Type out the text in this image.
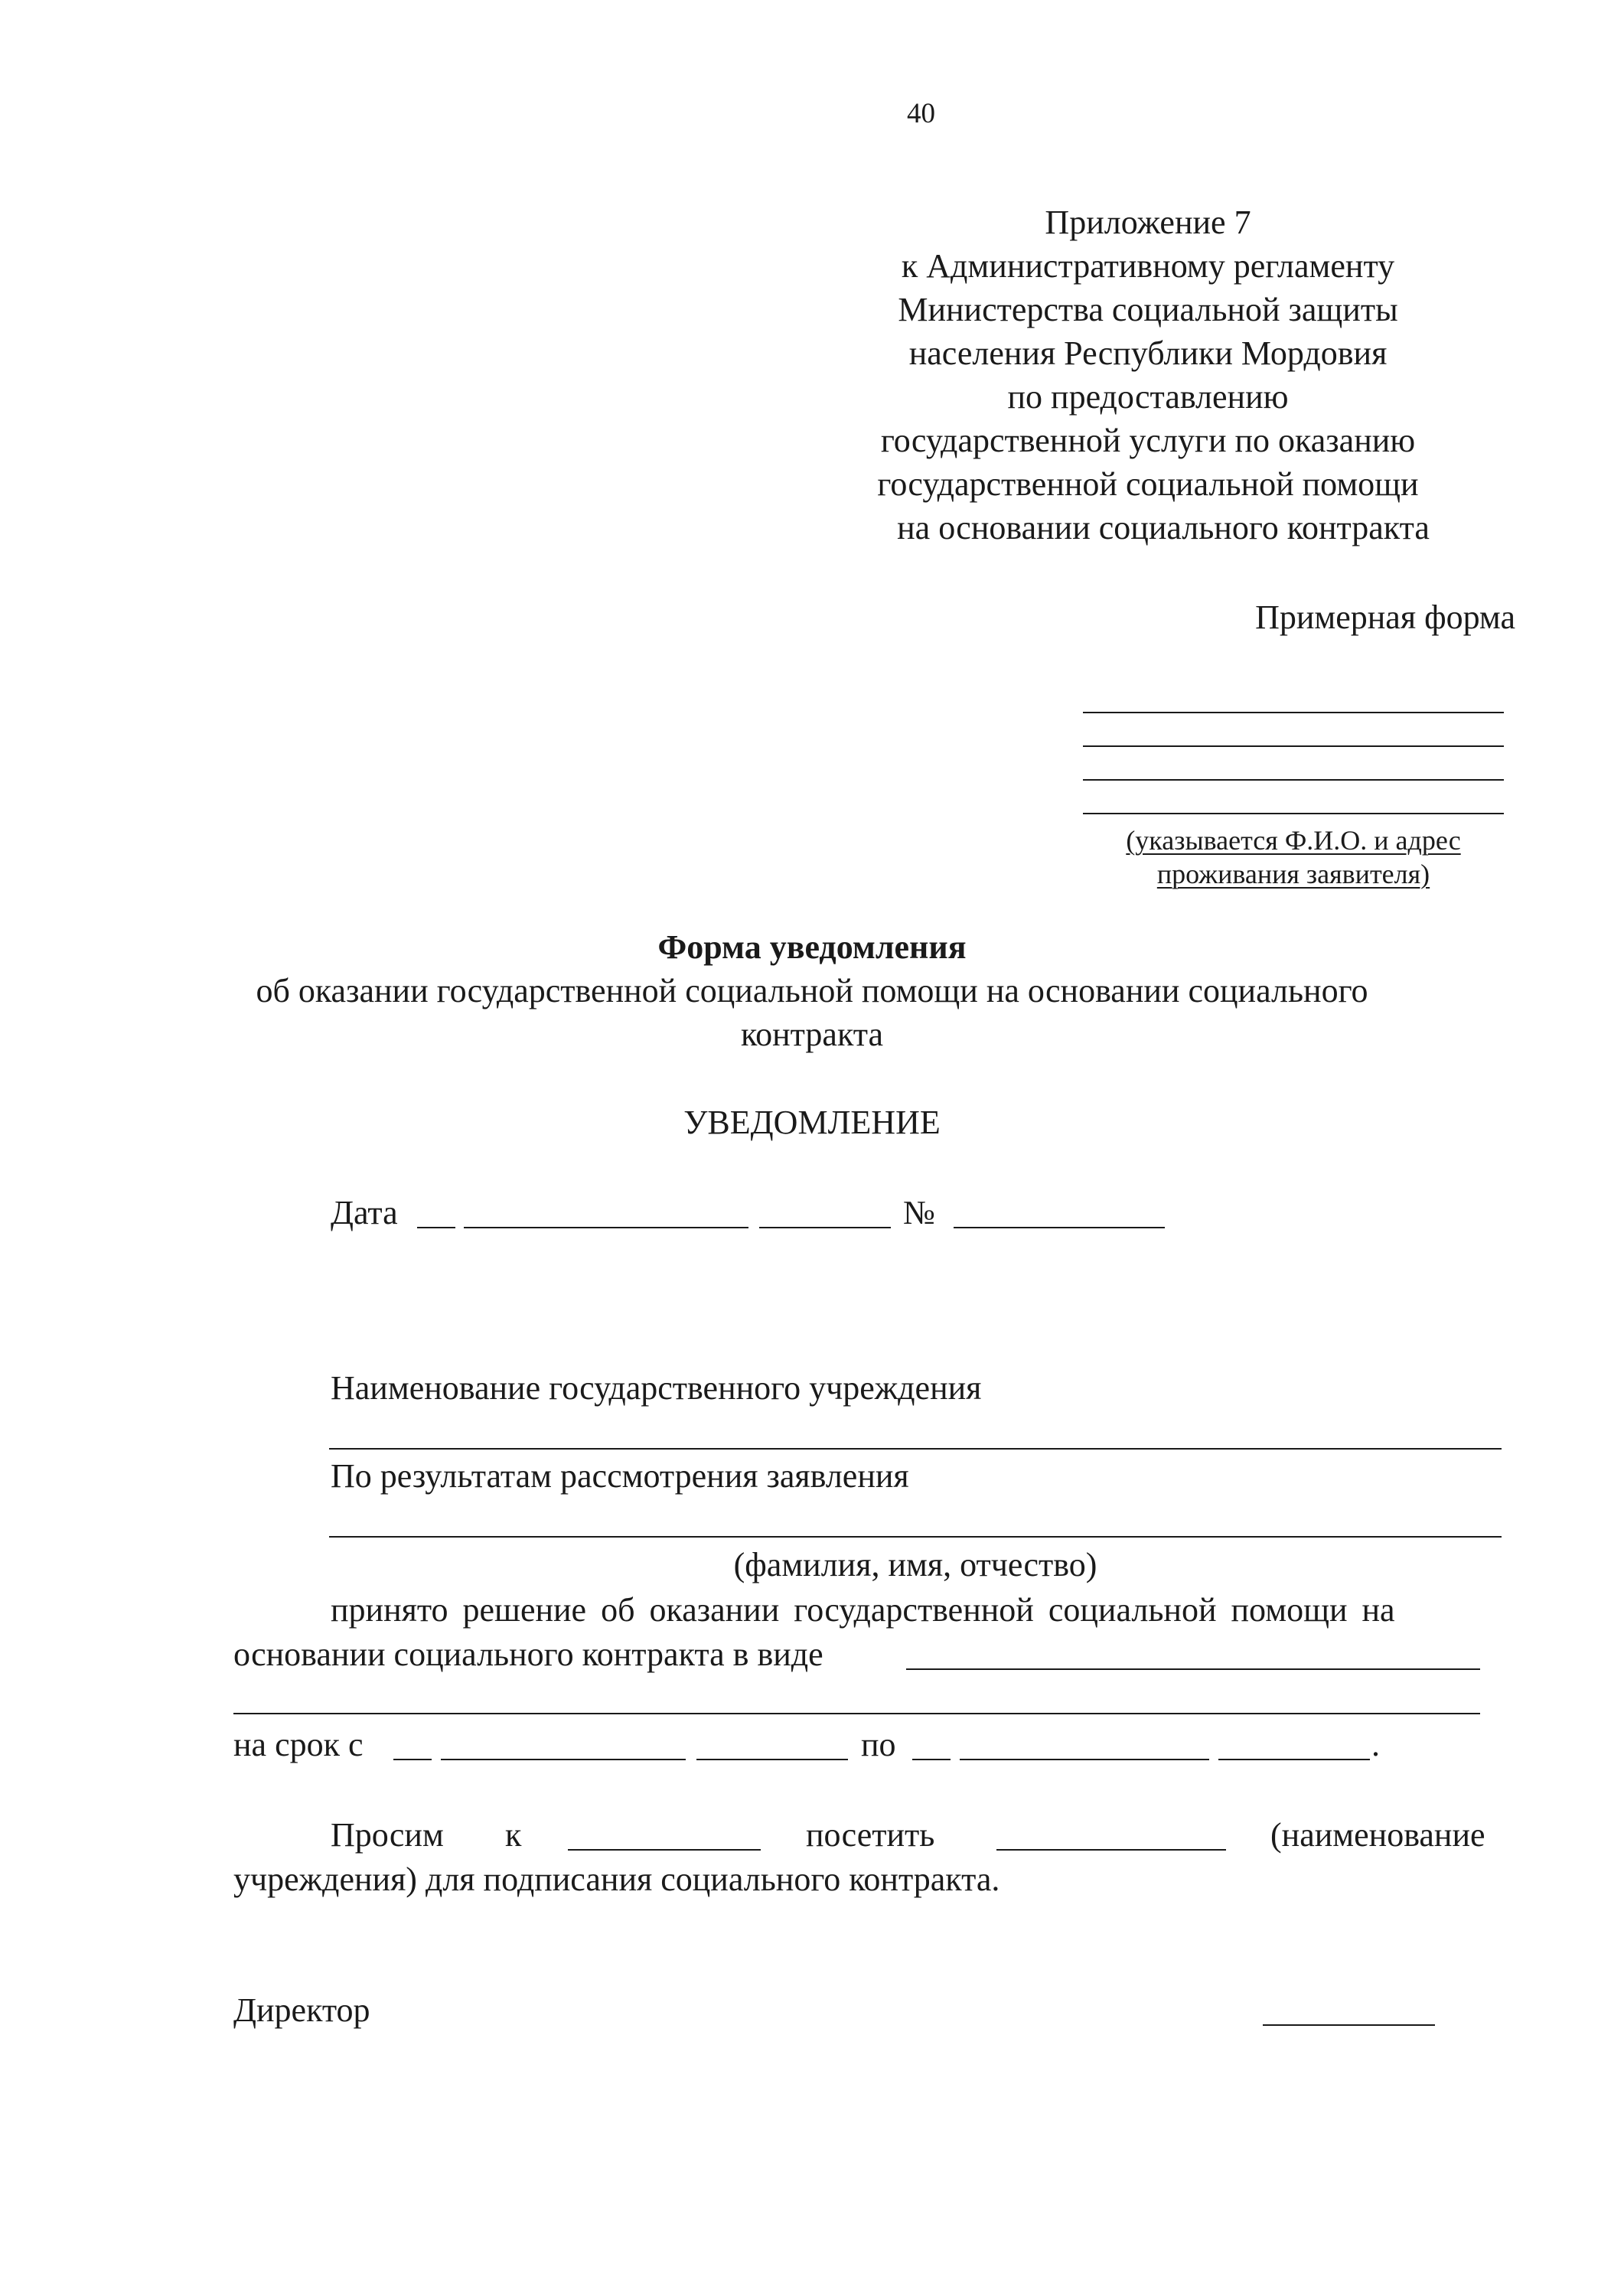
40
Приложение 7
к Административному регламенту
Министерства социальной защиты
населения Республики Мордовия
по предоставлению
государственной услуги по оказанию
государственной социальной помощи
на основании социального контракта
Примерная форма
(указывается Ф.И.О. и адрес
проживания заявителя)
Форма уведомления
об оказании государственной социальной помощи на основании социального
контракта
УВЕДОМЛЕНИЕ
Дата	№
Наименование государственного учреждения
По результатам рассмотрения заявления
(фамилия, имя, отчество)
принято решение об оказании государственной социальной помощи на
основании социального контракта в виде
на срок с	по	.
Просим к	посетить	(наименование
учреждения) для подписания социального контракта.
Директор
